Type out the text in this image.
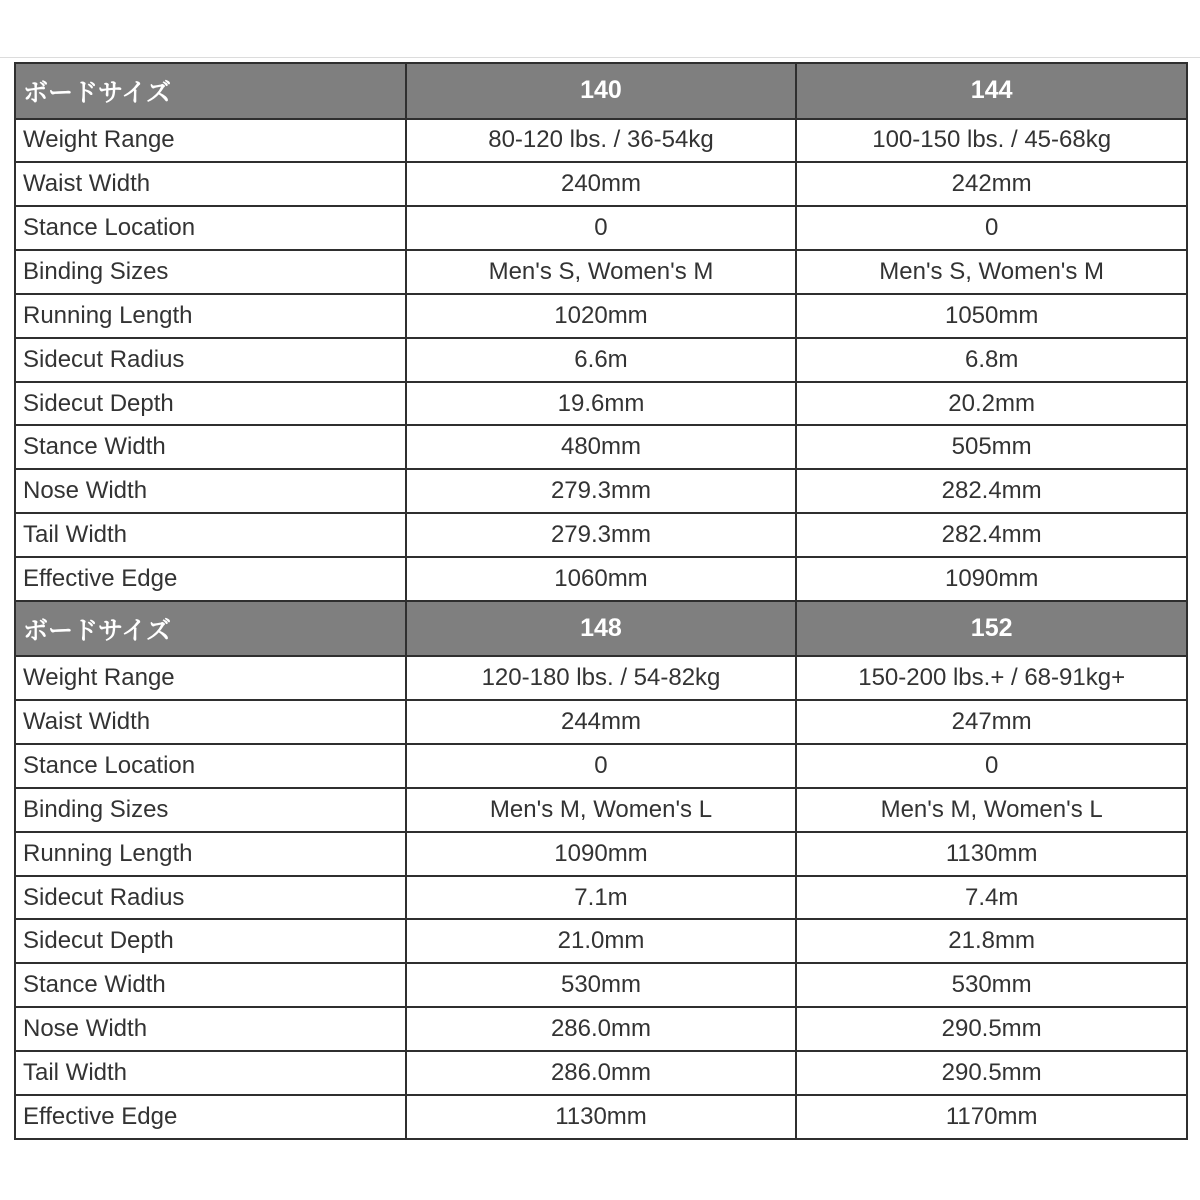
ボードサイズ	140	144
Weight Range	80-120 lbs. / 36-54kg	100-150 lbs. / 45-68kg
Waist Width	240mm	242mm
Stance Location	0	0
Binding Sizes	Men's S, Women's M	Men's S, Women's M
Running Length	1020mm	1050mm
Sidecut Radius	6.6m	6.8m
Sidecut Depth	19.6mm	20.2mm
Stance Width	480mm	505mm
Nose Width	279.3mm	282.4mm
Tail Width	279.3mm	282.4mm
Effective Edge	1060mm	1090mm
ボードサイズ	148	152
Weight Range	120-180 lbs. / 54-82kg	150-200 lbs.+ / 68-91kg+
Waist Width	244mm	247mm
Stance Location	0	0
Binding Sizes	Men's M, Women's L	Men's M, Women's L
Running Length	1090mm	1130mm
Sidecut Radius	7.1m	7.4m
Sidecut Depth	21.0mm	21.8mm
Stance Width	530mm	530mm
Nose Width	286.0mm	290.5mm
Tail Width	286.0mm	290.5mm
Effective Edge	1130mm	1170mm
